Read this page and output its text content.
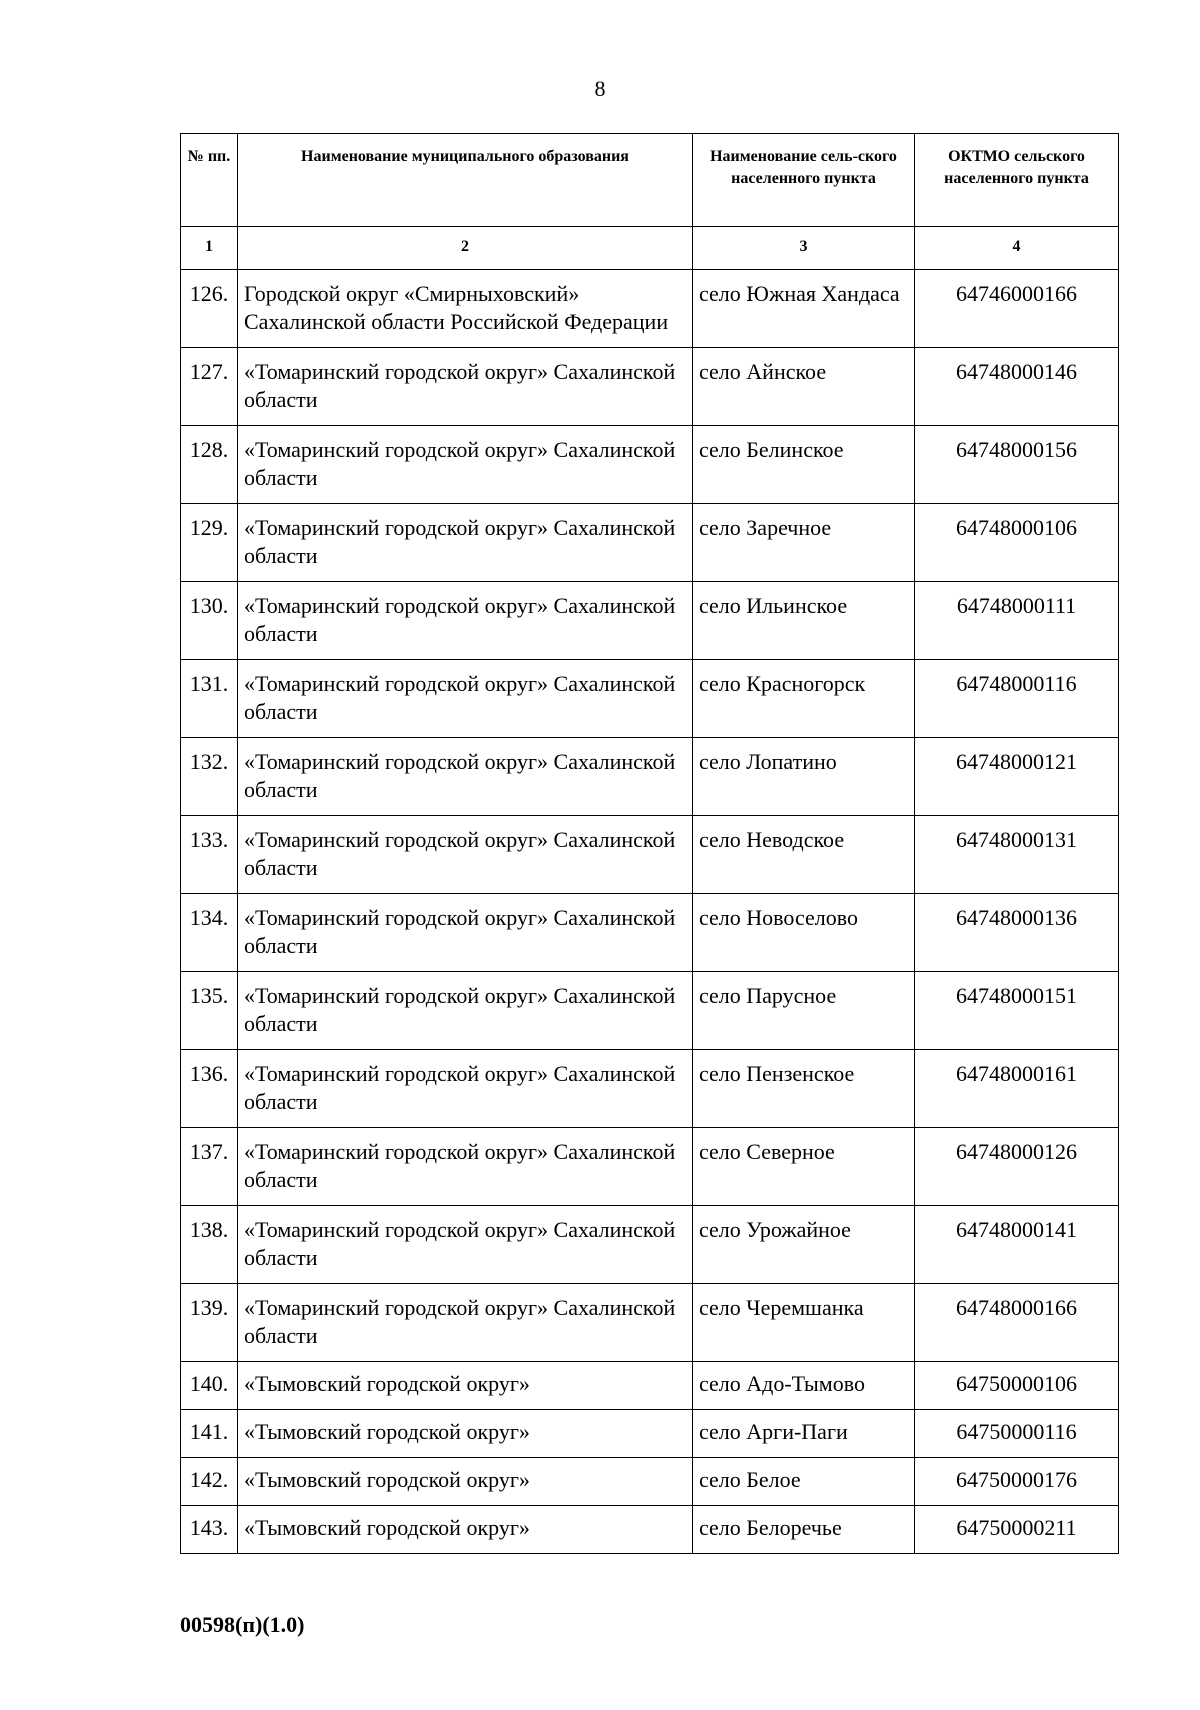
8
№ пп.	Наименование муниципального образования	Наименование сель-ского населенного пункта	ОКТМО сельского населенного пункта
1	2	3	4
126.	Городской округ «Смирныховский» Сахалинской области Российской Федерации	село Южная Хандаса	64746000166
127.	«Томаринский городской округ» Сахалинской области	село Айнское	64748000146
128.	«Томаринский городской округ» Сахалинской области	село Белинское	64748000156
129.	«Томаринский городской округ» Сахалинской области	село Заречное	64748000106
130.	«Томаринский городской округ» Сахалинской области	село Ильинское	64748000111
131.	«Томаринский городской округ» Сахалинской области	село Красногорск	64748000116
132.	«Томаринский городской округ» Сахалинской области	село Лопатино	64748000121
133.	«Томаринский городской округ» Сахалинской области	село Неводское	64748000131
134.	«Томаринский городской округ» Сахалинской области	село Новоселово	64748000136
135.	«Томаринский городской округ» Сахалинской области	село Парусное	64748000151
136.	«Томаринский городской округ» Сахалинской области	село Пензенское	64748000161
137.	«Томаринский городской округ» Сахалинской области	село Северное	64748000126
138.	«Томаринский городской округ» Сахалинской области	село Урожайное	64748000141
139.	«Томаринский городской округ» Сахалинской области	село Черемшанка	64748000166
140.	«Тымовский городской округ»	село Адо-Тымово	64750000106
141.	«Тымовский городской округ»	село Арги-Паги	64750000116
142.	«Тымовский городской округ»	село Белое	64750000176
143.	«Тымовский городской округ»	село Белоречье	64750000211
00598(п)(1.0)
